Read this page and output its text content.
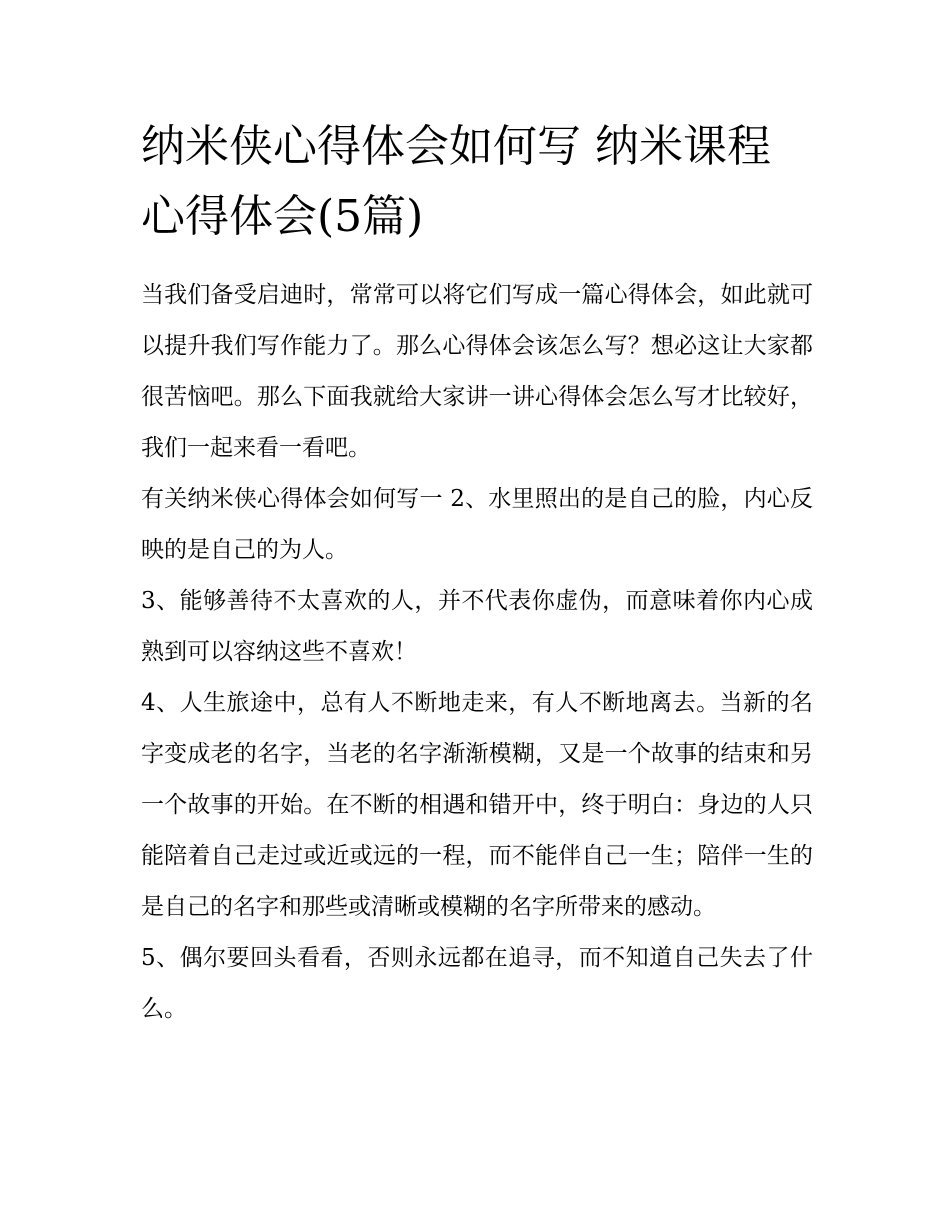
纳米侠心得体会如何写 纳米课程心得体会(5篇)

当我们备受启迪时，常常可以将它们写成一篇心得体会，如此就可以提升我们写作能力了。那么心得体会该怎么写？想必这让大家都很苦恼吧。那么下面我就给大家讲一讲心得体会怎么写才比较好，我们一起来看一看吧。

有关纳米侠心得体会如何写一 2、水里照出的是自己的脸，内心反映的是自己的为人。

3、能够善待不太喜欢的人，并不代表你虚伪，而意味着你内心成熟到可以容纳这些不喜欢！

4、人生旅途中，总有人不断地走来，有人不断地离去。当新的名字变成老的名字，当老的名字渐渐模糊，又是一个故事的结束和另一个故事的开始。在不断的相遇和错开中，终于明白：身边的人只能陪着自己走过或近或远的一程，而不能伴自己一生；陪伴一生的是自己的名字和那些或清晰或模糊的名字所带来的感动。

5、偶尔要回头看看，否则永远都在追寻，而不知道自己失去了什么。
